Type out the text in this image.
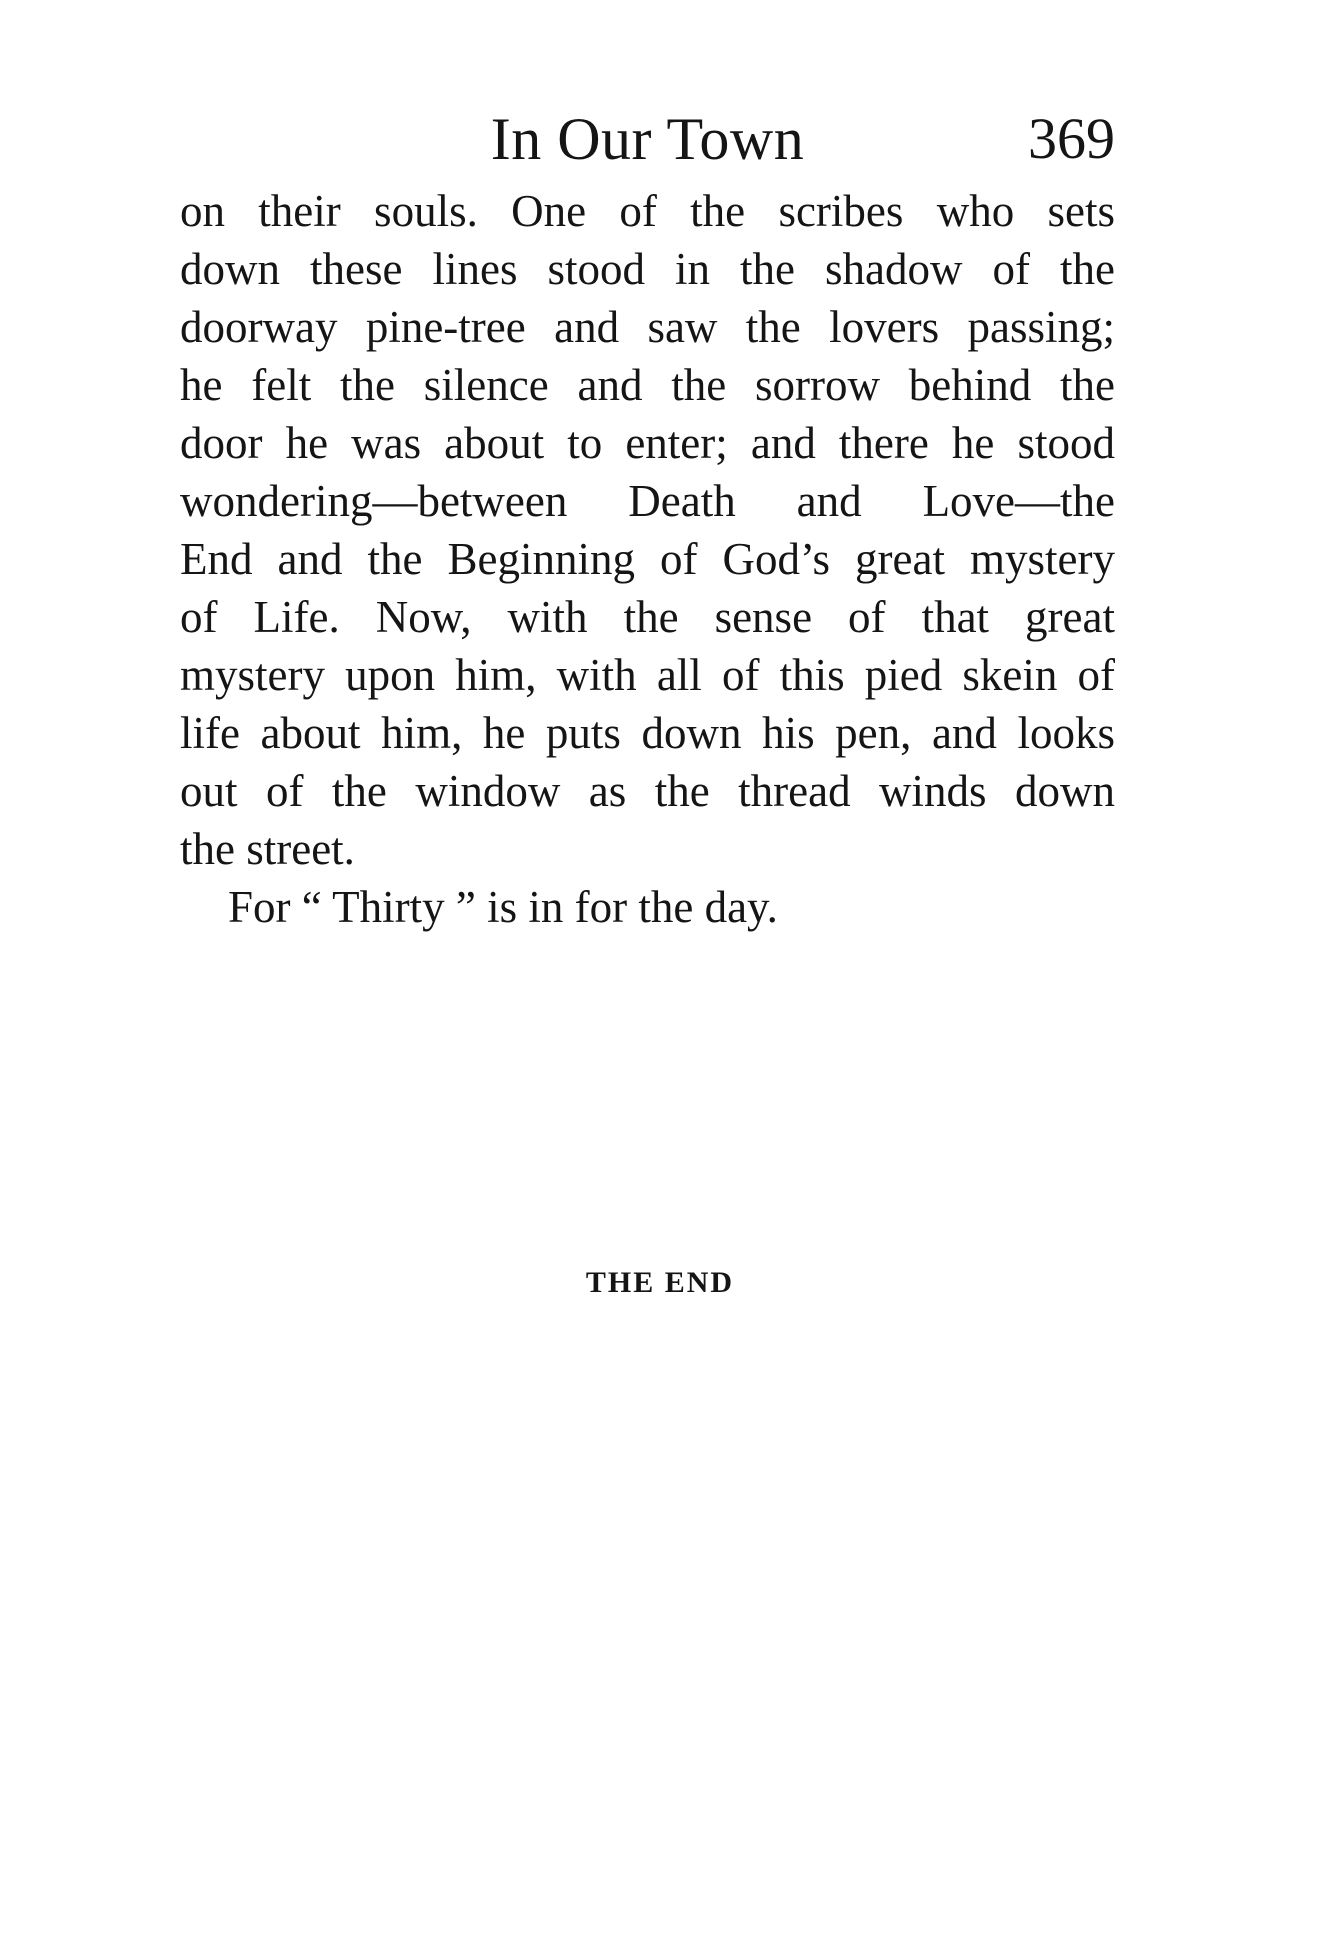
In Our Town	369
on their souls. One of the scribes who sets
down these lines stood in the shadow of the
doorway pine-tree and saw the lovers passing;
he felt the silence and the sorrow behind the
door he was about to enter; and there he stood
wondering—between Death and Love—the
End and the Beginning of God’s great mystery
of Life. Now, with the sense of that great
mystery upon him, with all of this pied skein of
life about him, he puts down his pen, and looks
out of the window as the thread winds down
the street.
For “ Thirty ” is in for the day.
THE END
